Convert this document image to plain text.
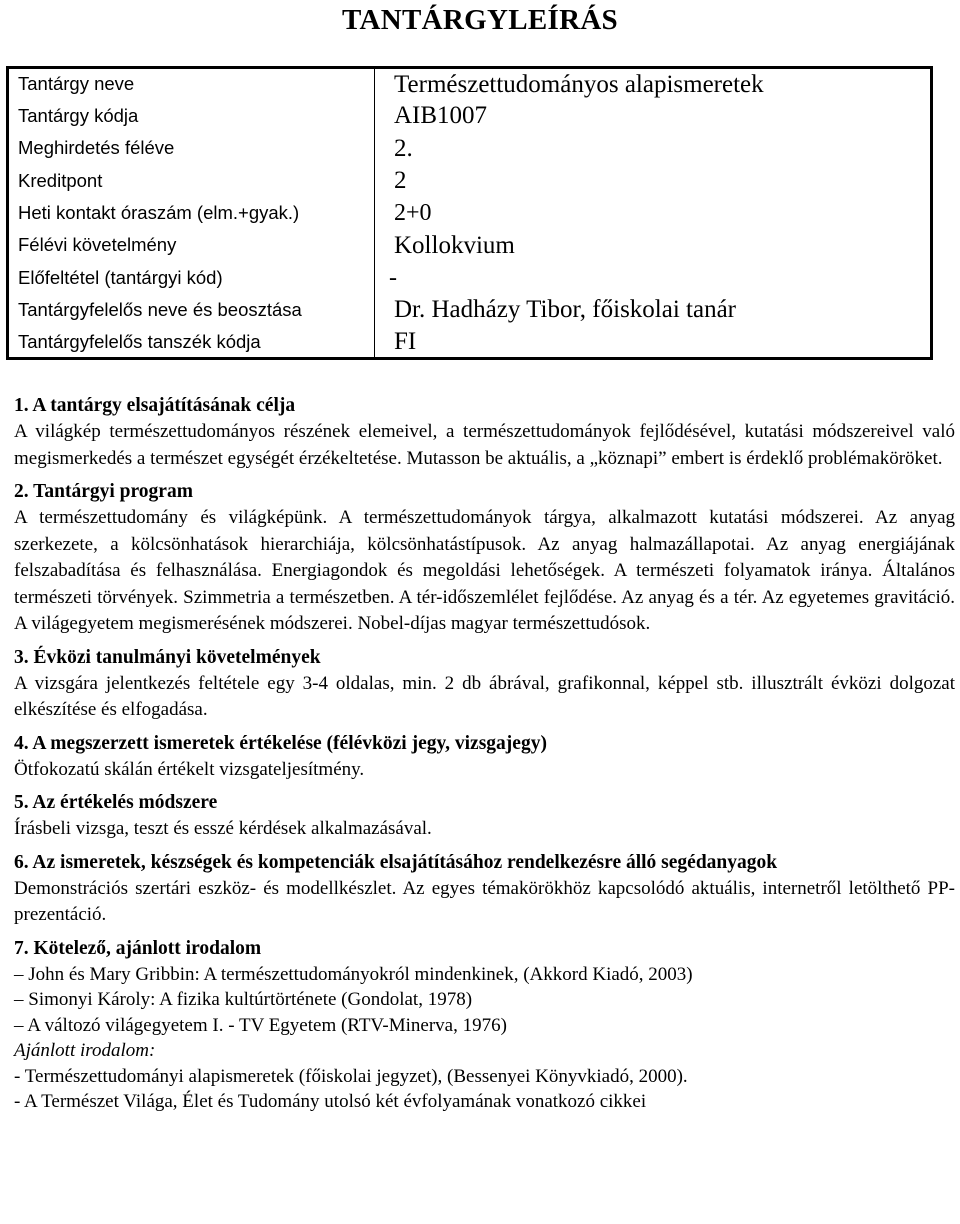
TANTÁRGYLEÍRÁS
Tantárgy neve	Természettudományos alapismeretek
Tantárgy kódja	AIB1007
Meghirdetés féléve	2.
Kreditpont	2
Heti kontakt óraszám (elm.+gyak.)	2+0
Félévi követelmény	Kollokvium
Előfeltétel (tantárgyi kód)	-
Tantárgyfelelős neve és beosztása	Dr. Hadházy Tibor, főiskolai tanár
Tantárgyfelelős tanszék kódja	FI

1. A tantárgy elsajátításának célja

A világkép természettudományos részének elemeivel, a természettudományok fejlődésével, kutatási módszereivel való megismerkedés a természet egységét érzékeltetése. Mutasson be aktuális, a „köznapi” embert is érdeklő problémaköröket.

2. Tantárgyi program

A természettudomány és világképünk. A természettudományok tárgya, alkalmazott kutatási módszerei. Az anyag szerkezete, a kölcsönhatások hierarchiája, kölcsönhatástípusok. Az anyag halmazállapotai. Az anyag energiájának felszabadítása és felhasználása. Energiagondok és megoldási lehetőségek. A természeti folyamatok iránya. Általános természeti törvények. Szimmetria a természetben. A tér-időszemlélet fejlődése. Az anyag és a tér. Az egyetemes gravitáció. A világegyetem megismerésének módszerei. Nobel-díjas magyar természettudósok.

3. Évközi tanulmányi követelmények

A vizsgára jelentkezés feltétele egy 3-4 oldalas, min. 2 db ábrával, grafikonnal, képpel stb. illusztrált évközi dolgozat elkészítése és elfogadása.

4. A megszerzett ismeretek értékelése (félévközi jegy, vizsgajegy)

Ötfokozatú skálán értékelt vizsgateljesítmény.

5. Az értékelés módszere

Írásbeli vizsga, teszt és esszé kérdések alkalmazásával.

6. Az ismeretek, készségek és kompetenciák elsajátításához rendelkezésre álló segédanyagok

Demonstrációs szertári eszköz- és modellkészlet. Az egyes témakörökhöz kapcsolódó aktuális, internetről letölthető PP-prezentáció.

7. Kötelező, ajánlott irodalom

– John és Mary Gribbin: A természettudományokról mindenkinek, (Akkord Kiadó, 2003)

– Simonyi Károly: A fizika kultúrtörténete (Gondolat, 1978)

– A változó világegyetem I. - TV Egyetem (RTV-Minerva, 1976)

Ajánlott irodalom:

- Természettudományi alapismeretek (főiskolai jegyzet), (Bessenyei Könyvkiadó, 2000).

- A Természet Világa, Élet és Tudomány utolsó két évfolyamának vonatkozó cikkei
